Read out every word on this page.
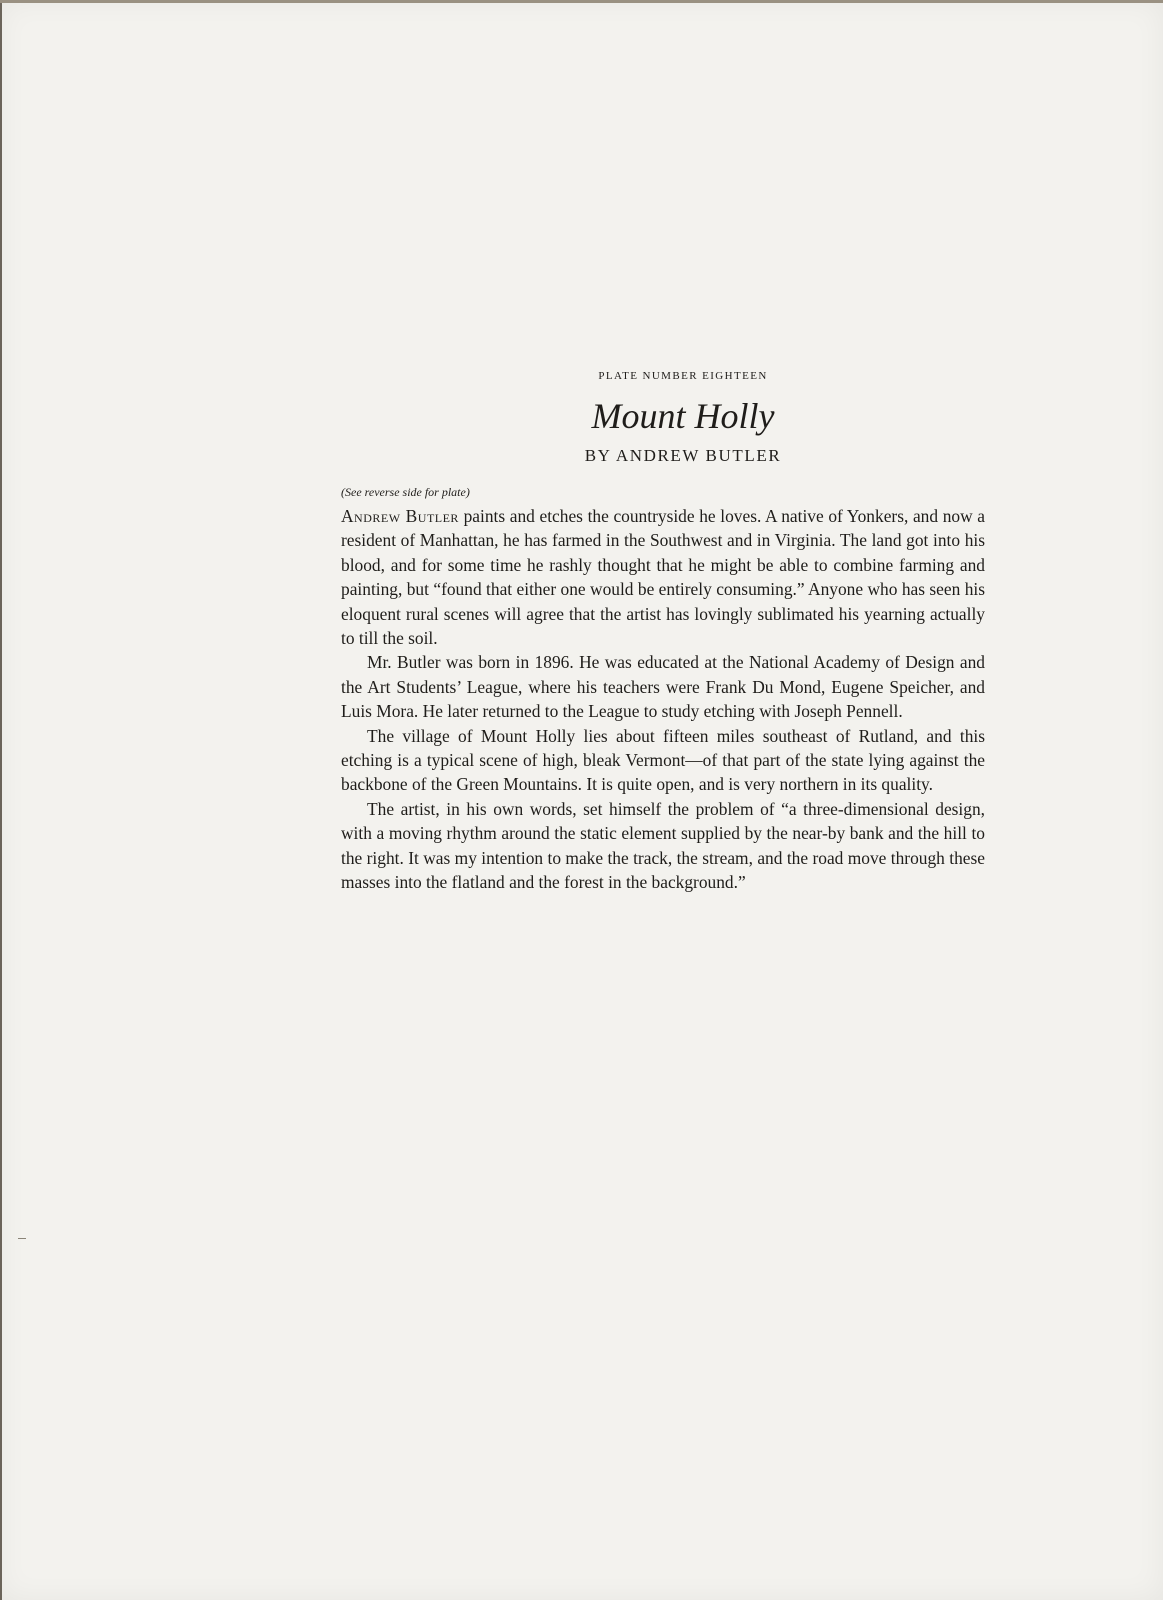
PLATE NUMBER EIGHTEEN
Mount Holly
BY ANDREW BUTLER
(See reverse side for plate)

Andrew Butler paints and etches the countryside he loves. A native of Yonkers, and now a resident of Manhattan, he has farmed in the Southwest and in Virginia. The land got into his blood, and for some time he rashly thought that he might be able to combine farming and painting, but “found that either one would be entirely consuming.” Anyone who has seen his eloquent rural scenes will agree that the artist has lovingly sublimated his yearning actually to till the soil.

Mr. Butler was born in 1896. He was educated at the National Academy of Design and the Art Students’ League, where his teachers were Frank Du Mond, Eugene Speicher, and Luis Mora. He later returned to the League to study etching with Joseph Pennell.

The village of Mount Holly lies about fifteen miles southeast of Rutland, and this etching is a typical scene of high, bleak Vermont—of that part of the state lying against the backbone of the Green Mountains. It is quite open, and is very northern in its quality.

The artist, in his own words, set himself the problem of “a three-dimensional design, with a moving rhythm around the static element supplied by the near-by bank and the hill to the right. It was my intention to make the track, the stream, and the road move through these masses into the flatland and the forest in the background.”
